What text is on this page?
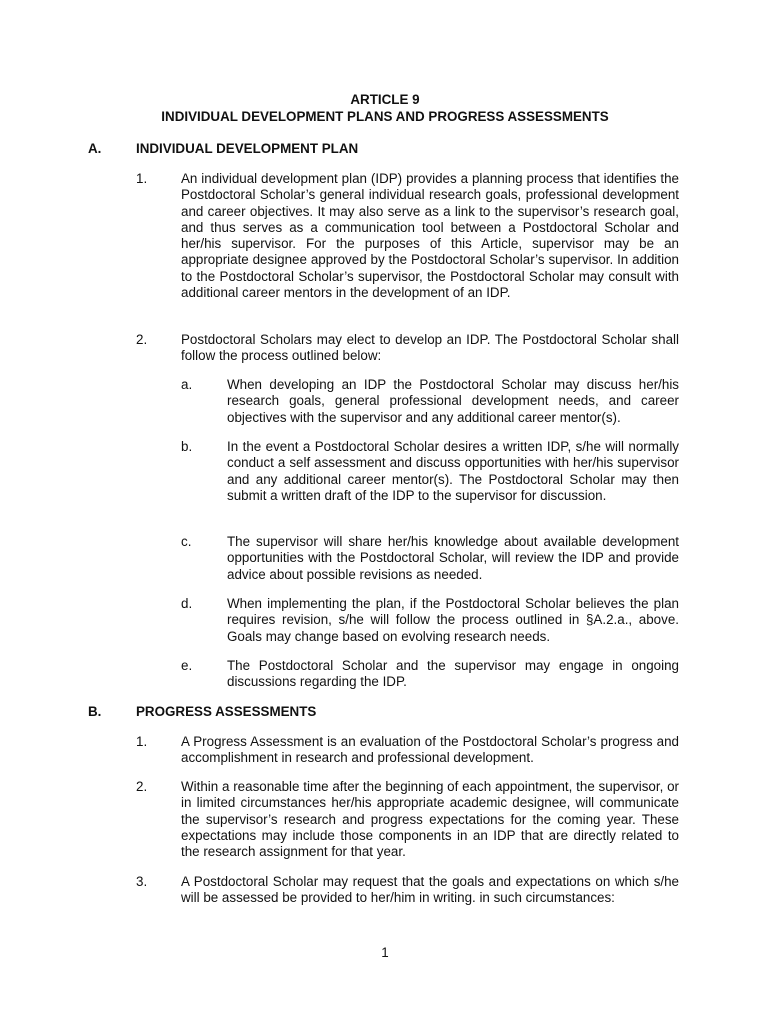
ARTICLE 9
INDIVIDUAL DEVELOPMENT PLANS AND PROGRESS ASSESSMENTS
A.	INDIVIDUAL DEVELOPMENT PLAN
1.	An individual development plan (IDP) provides a planning process that identifies the Postdoctoral Scholar’s general individual research goals, professional development and career objectives. It may also serve as a link to the supervisor’s research goal, and thus serves as a communication tool between a Postdoctoral Scholar and her/his supervisor. For the purposes of this Article, supervisor may be an appropriate designee approved by the Postdoctoral Scholar’s supervisor. In addition to the Postdoctoral Scholar’s supervisor, the Postdoctoral Scholar may consult with additional career mentors in the development of an IDP.
2.	Postdoctoral Scholars may elect to develop an IDP. The Postdoctoral Scholar shall follow the process outlined below:
a.	When developing an IDP the Postdoctoral Scholar may discuss her/his research goals, general professional development needs, and career objectives with the supervisor and any additional career mentor(s).
b.	In the event a Postdoctoral Scholar desires a written IDP, s/he will normally conduct a self assessment and discuss opportunities with her/his supervisor and any additional career mentor(s). The Postdoctoral Scholar may then submit a written draft of the IDP to the supervisor for discussion.
c.	The supervisor will share her/his knowledge about available development opportunities with the Postdoctoral Scholar, will review the IDP and provide advice about possible revisions as needed.
d.	When implementing the plan, if the Postdoctoral Scholar believes the plan requires revision, s/he will follow the process outlined in §A.2.a., above. Goals may change based on evolving research needs.
e.	The Postdoctoral Scholar and the supervisor may engage in ongoing discussions regarding the IDP.
B.	PROGRESS ASSESSMENTS
1.	A Progress Assessment is an evaluation of the Postdoctoral Scholar’s progress and accomplishment in research and professional development.
2.	Within a reasonable time after the beginning of each appointment, the supervisor, or in limited circumstances her/his appropriate academic designee, will communicate the supervisor’s research and progress expectations for the coming year. These expectations may include those components in an IDP that are directly related to the research assignment for that year.
3.	A Postdoctoral Scholar may request that the goals and expectations on which s/he will be assessed be provided to her/him in writing. in such circumstances:
1
